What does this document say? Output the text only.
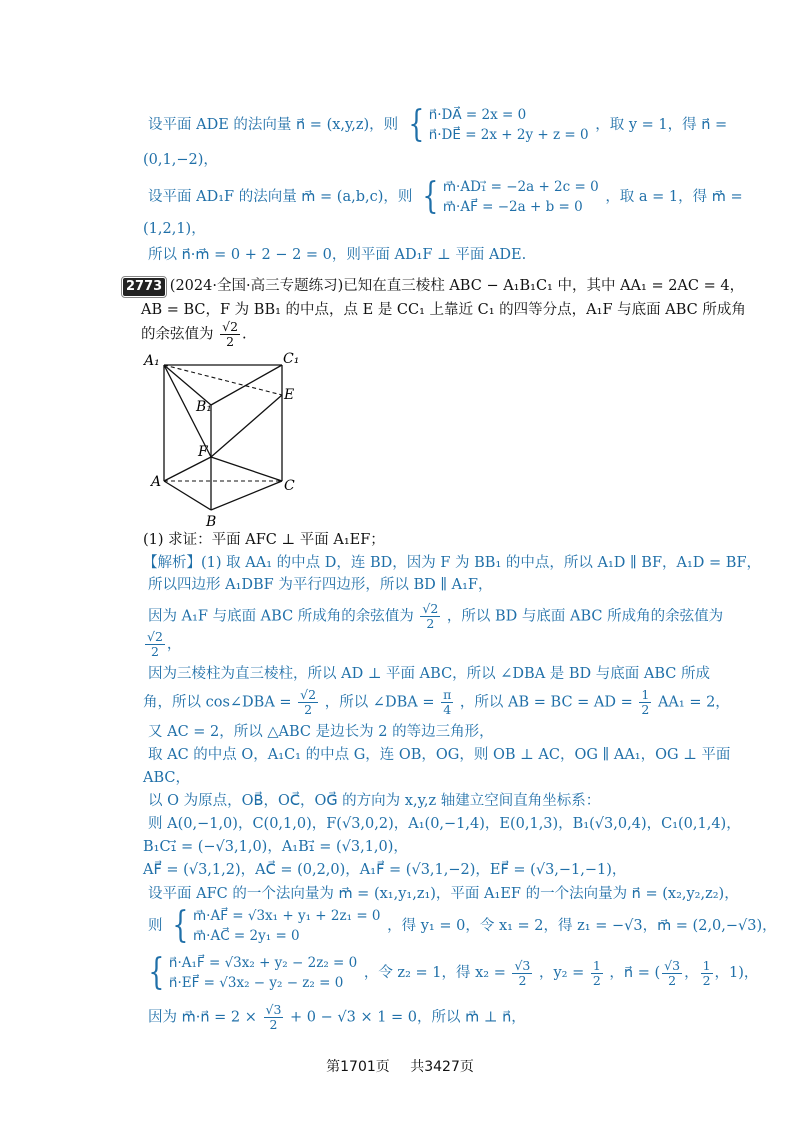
设平面 ADE 的法向量 n⃗ = (x,y,z)，则 { n⃗·DA⃗ = 2x = 0
n⃗·DE⃗ = 2x + 2y + z = 0
，取 y = 1，得 n⃗ =
(0,1,−2)，
设平面 AD₁F 的法向量 m⃗ = (a,b,c)，则 { m⃗·AD₁⃗ = −2a + 2c = 0
m⃗·AF⃗ = −2a + b = 0
，取 a = 1，得 m⃗ =
(1,2,1)，
所以 n⃗·m⃗ = 0 + 2 − 2 = 0，则平面 AD₁F ⊥ 平面 ADE.
2773 (2024·全国·高三专题练习)已知在直三棱柱 ABC − A₁B₁C₁ 中，其中 AA₁ = 2AC = 4，
AB = BC，F 为 BB₁ 的中点，点 E 是 CC₁ 上靠近 C₁ 的四等分点，A₁F 与底面 ABC 所成角
的余弦值为 $\frac{√2}{2}$ .
A₁	C₁
B₁
E
F
A	C
B
(1) 求证：平面 AFC ⊥ 平面 A₁EF；
【解析】(1) 取 AA₁ 的中点 D，连 BD，因为 F 为 BB₁ 的中点，所以 A₁D ∥ BF，A₁D = BF，
所以四边形 A₁DBF 为平行四边形，所以 BD ∥ A₁F，
因为 A₁F 与底面 ABC 所成角的余弦值为 $\frac{√2}{2}$ ，所以 BD 与底面 ABC 所成角的余弦值为
$\frac{√2}{2}$ ，
因为三棱柱为直三棱柱，所以 AD ⊥ 平面 ABC，所以 ∠DBA 是 BD 与底面 ABC 所成
角，所以 cos∠DBA = $\frac{√2}{2}$ ，所以 ∠DBA = $\frac{\pi}{4}$ ，所以 AB = BC = AD = $\frac{1}{2} AA_1 = 2$，
又 AC = 2，所以 △ABC 是边长为 2 的等边三角形，
取 AC 的中点 O，A₁C₁ 的中点 G，连 OB，OG，则 OB ⊥ AC，OG ∥ AA₁，OG ⊥ 平面
ABC，
以 O 为原点，OB⃗，OC⃗，OG⃗ 的方向为 x,y,z 轴建立空间直角坐标系：
则 A(0,−1,0)，C(0,1,0)，F(√3,0,2)，A₁(0,−1,4)，E(0,1,3)，B₁(√3,0,4)，C₁(0,1,4)，
B₁C₁⃗ = (−√3,1,0)，A₁B₁⃗ = (√3,1,0)，
AF⃗ = (√3,1,2)，AC⃗ = (0,2,0)，A₁F⃗ = (√3,1,−2)，EF⃗ = (√3,−1,−1)，
设平面 AFC 的一个法向量为 m⃗ = (x₁,y₁,z₁)，平面 A₁EF 的一个法向量为 n⃗ = (x₂,y₂,z₂)，
则 { m⃗·AF⃗ = √3x₁ + y₁ + 2z₁ = 0
m⃗·AC⃗ = 2y₁ = 0
，得 y₁ = 0，令 x₁ = 2，得 z₁ = −√3，m⃗ = (2,0,−√3)，
{ n⃗·A₁F⃗ = √3x₂ + y₂ − 2z₂ = 0
n⃗·EF⃗ = √3x₂ − y₂ − z₂ = 0
，令 z₂ = 1，得 $x_2 = \frac{√3}{2}$ ，$y_2 = \frac{1}{2}$ ，n⃗ = ( $\frac{√3}{2}$ ， $\frac{1}{2}$ ，1)，
因为 m⃗·n⃗ = $2 \times \frac{√3}{2} + 0 - √3 \times 1 = 0$，所以 m⃗ ⊥ n⃗，
第1701页 共3427页
